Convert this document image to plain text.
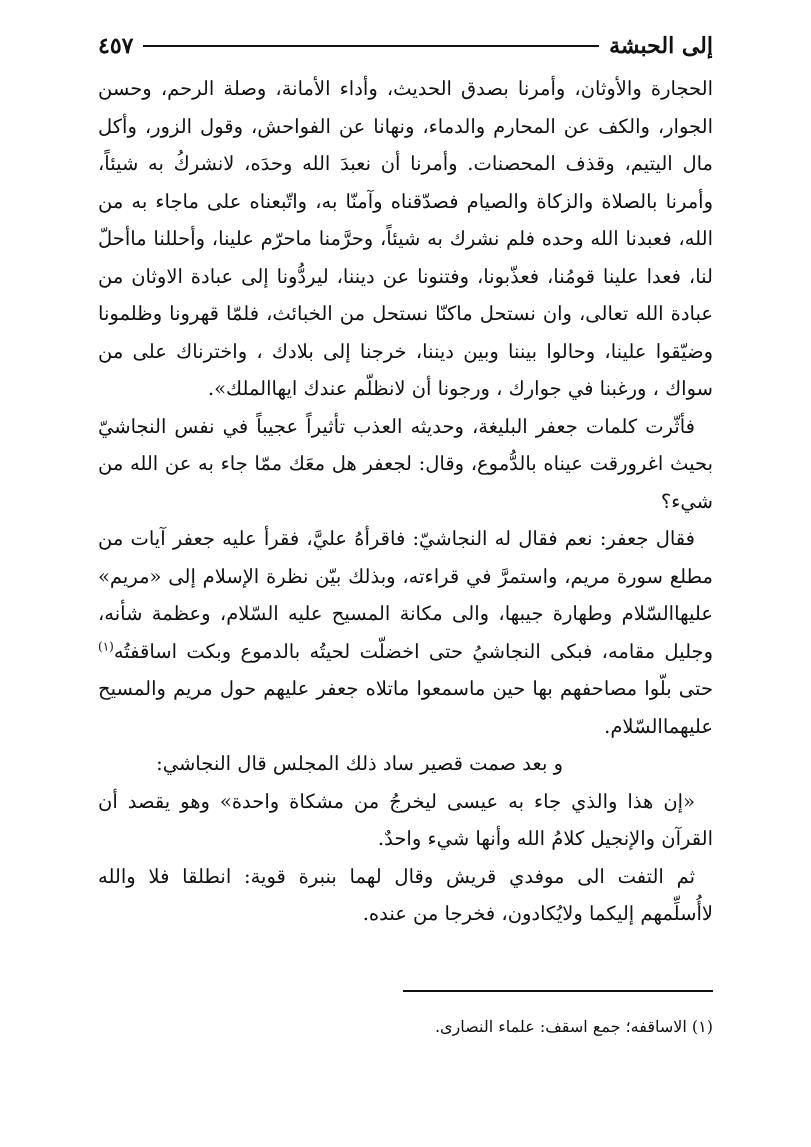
إلى الحبشة
٤٥٧

الحجارة والأوثان، وأمرنا بصدق الحديث، وأداء الأمانة، وصلة الرحم، وحسن الجوار، والكف عن المحارم والدماء، ونهانا عن الفواحش، وقول الزور، وأكل مال اليتيم، وقذف المحصنات. وأمرنا أن نعبدَ الله وحدَه، لانشركُ به شيئاً، وأمرنا بالصلاة والزكاة والصيام فصدّقناه وآمنّا به، واتّبعناه على ماجاء به من الله، فعبدنا الله وحده فلم نشرك به شيئاً، وحرَّمنا ماحرّم علينا، وأحللنا ماأحلّ لنا، فعدا علينا قومُنا، فعذّبونا، وفتنونا عن ديننا، ليردُّونا إلى عبادة الاوثان من عبادة الله تعالى، وان نستحل ماكنّا نستحل من الخبائث، فلمّا قهرونا وظلمونا وضيّقوا علينا، وحالوا بيننا وبين ديننا، خرجنا إلى بلادك ، واخترناك على من سواك ، ورغبنا في جوارك ، ورجونا أن لانظلّم عندك ايهاالملك».

فأثّرت كلمات جعفر البليغة، وحديثه العذب تأثيراً عجيباً في نفس النجاشيّ بحيث اغرورقت عيناه بالدُّموع، وقال: لجعفر هل معَك ممّا جاء به عن الله من شيء؟

فقال جعفر: نعم فقال له النجاشيّ: فاقرأهُ عليَّ، فقرأ عليه جعفر آيات من مطلع سورة مريم، واستمرَّ في قراءته، وبذلك بيّن نظرة الإسلام إلى «مريم» عليهاالسّلام وطهارة جيبها، والى مكانة المسيح عليه السّلام، وعظمة شأنه، وجليل مقامه، فبكى النجاشيُ حتى اخضلّت لحيتُه بالدموع وبكت اساقفتُه$^{(١)}$ حتى بلّوا مصاحفهم بها حين ماسمعوا ماتلاه جعفر عليهم حول مريم والمسيح عليهماالسّلام.

و بعد صمت قصير ساد ذلك المجلس قال النجاشي:

«إن هذا والذي جاء به عيسى ليخرجُ من مشكاة واحدة» وهو يقصد أن القرآن والإنجيل كلامُ الله وأنها شيء واحدٌ.

ثم التفت الى موفدي قريش وقال لهما بنبرة قوية: انطلقا فلا والله لاأُسلِّمهم إليكما ولايُكادون، فخرجا من عنده.

(١) الاساقفه؛ جمع اسقف: علماء النصارى.
